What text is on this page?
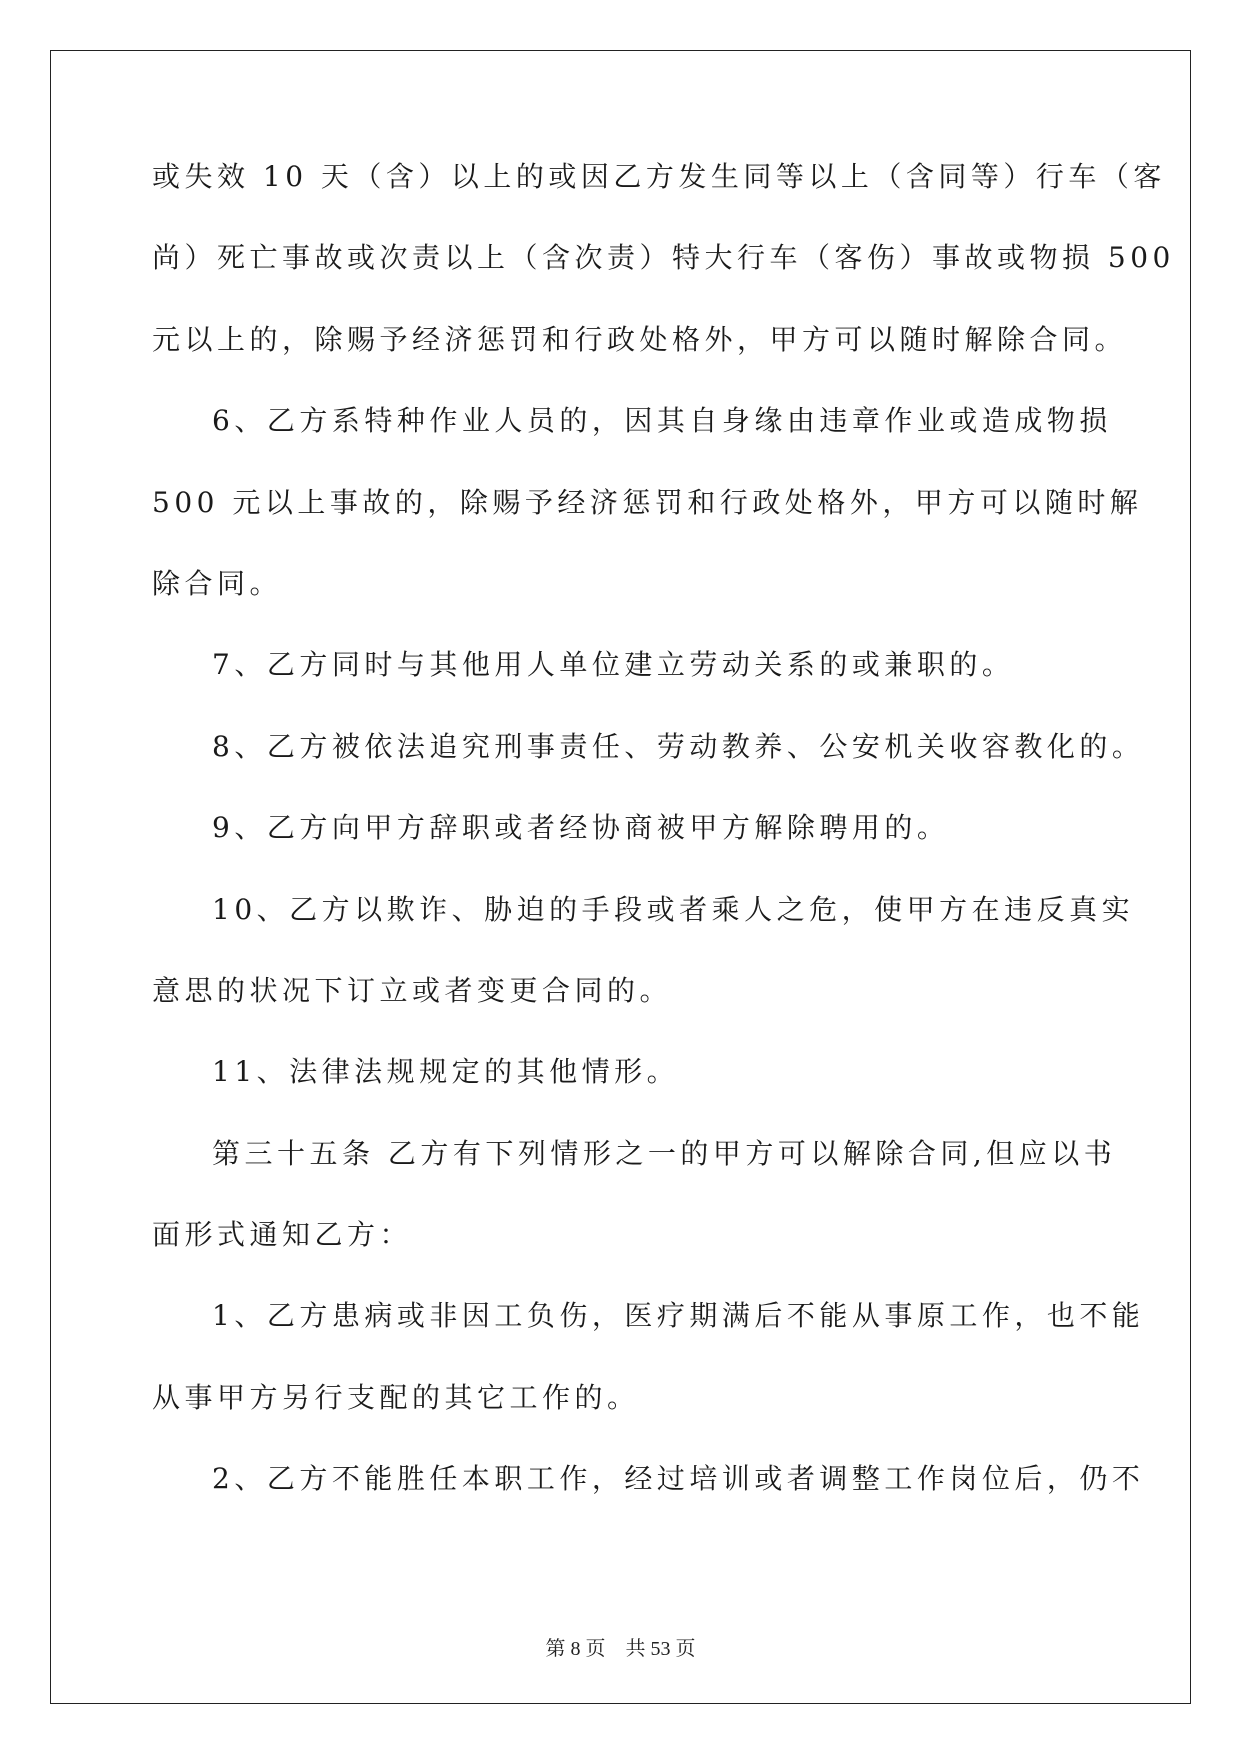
或失效 10 天（含）以上的或因乙方发生同等以上（含同等）行车（客
尚）死亡事故或次责以上（含次责）特大行车（客伤）事故或物损 500
元以上的，除赐予经济惩罚和行政处格外，甲方可以随时解除合同。
6、乙方系特种作业人员的，因其自身缘由违章作业或造成物损
500 元以上事故的，除赐予经济惩罚和行政处格外，甲方可以随时解
除合同。
7、乙方同时与其他用人单位建立劳动关系的或兼职的。
8、乙方被依法追究刑事责任、劳动教养、公安机关收容教化的。
9、乙方向甲方辞职或者经协商被甲方解除聘用的。
10、乙方以欺诈、胁迫的手段或者乘人之危，使甲方在违反真实
意思的状况下订立或者变更合同的。
11、法律法规规定的其他情形。
第三十五条 乙方有下列情形之一的甲方可以解除合同,但应以书
面形式通知乙方：
1、乙方患病或非因工负伤，医疗期满后不能从事原工作，也不能
从事甲方另行支配的其它工作的。
2、乙方不能胜任本职工作，经过培训或者调整工作岗位后，仍不
第 8 页    共 53 页
